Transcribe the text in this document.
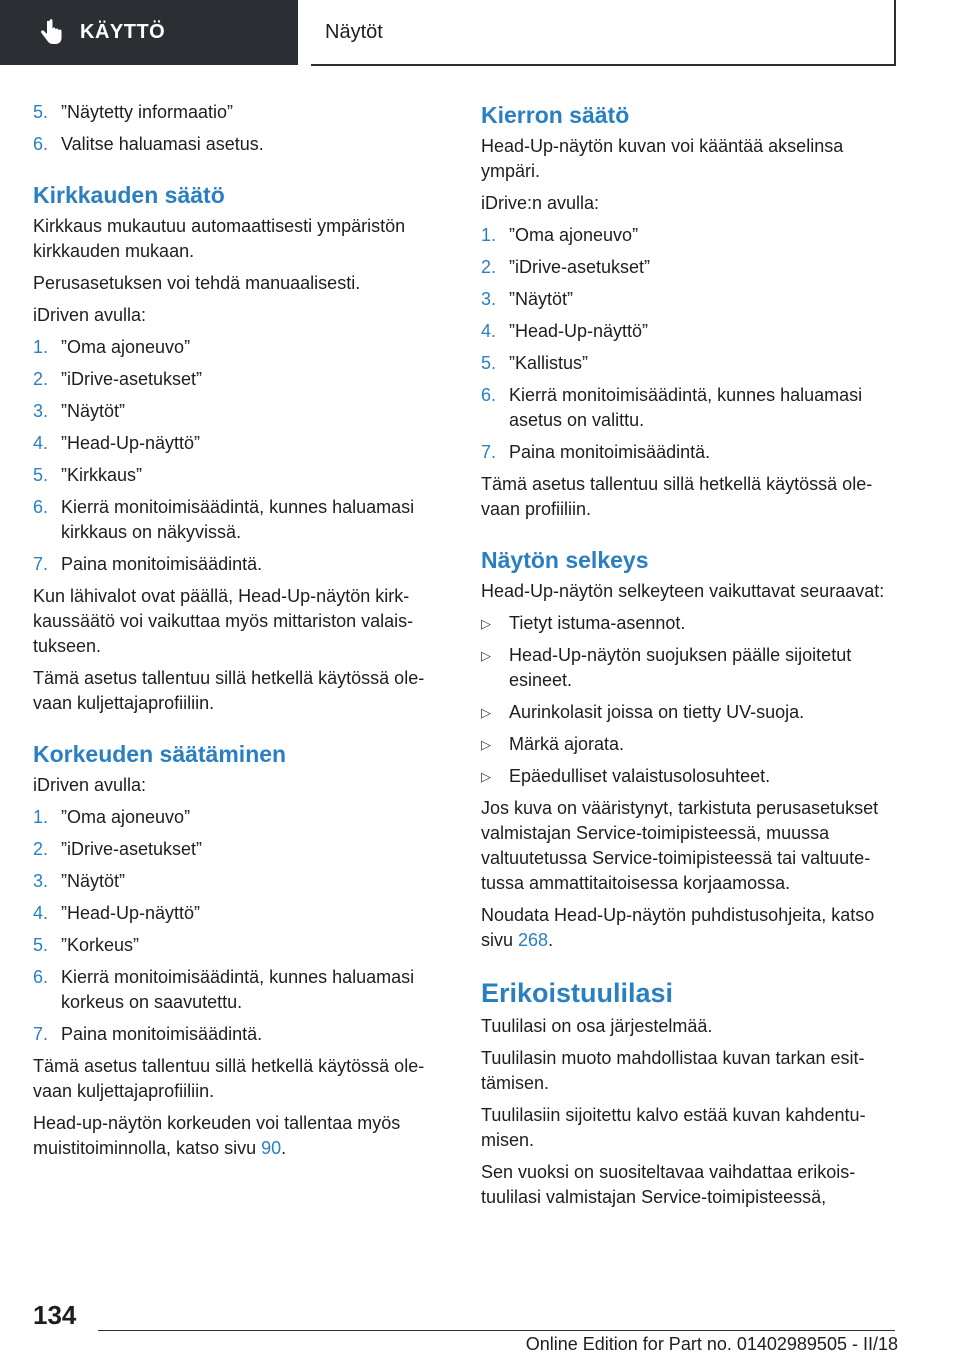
KÄYTTÖ	Näytöt
5. ”Näytetty informaatio”
6. Valitse haluamasi asetus.
Kirkkauden säätö

Kirkkaus mukautuu automaattisesti ympäristön kirkkauden mukaan.

Perusasetuksen voi tehdä manuaalisesti.

iDriven avulla:

1. ”Oma ajoneuvo”
2. ”iDrive-asetukset”
3. ”Näytöt”
4. ”Head-Up-näyttö”
5. ”Kirkkaus”
6. Kierrä monitoimisäädintä, kunnes haluamasi kirkkaus on näkyvissä.
7. Paina monitoimisäädintä.

Kun lähivalot ovat päällä, Head-Up-näytön kirkkaussäätö voi vaikuttaa myös mittariston valaistukseen.

Tämä asetus tallentuu sillä hetkellä käytössä olevaan kuljettajaprofiiliin.

Korkeuden säätäminen

iDriven avulla:

1. ”Oma ajoneuvo”
2. ”iDrive-asetukset”
3. ”Näytöt”
4. ”Head-Up-näyttö”
5. ”Korkeus”
6. Kierrä monitoimisäädintä, kunnes haluamasi korkeus on saavutettu.
7. Paina monitoimisäädintä.

Tämä asetus tallentuu sillä hetkellä käytössä olevaan kuljettajaprofiiliin.

Head-up-näytön korkeuden voi tallentaa myös muistitoiminnolla, katso sivu 90.

Kierron säätö

Head-Up-näytön kuvan voi kääntää akselinsa ympäri.

iDrive:n avulla:

1. ”Oma ajoneuvo”
2. ”iDrive-asetukset”
3. ”Näytöt”
4. ”Head-Up-näyttö”
5. ”Kallistus”
6. Kierrä monitoimisäädintä, kunnes haluamasi asetus on valittu.
7. Paina monitoimisäädintä.

Tämä asetus tallentuu sillä hetkellä käytössä olevaan profiiliin.

Näytön selkeys

Head-Up-näytön selkeyteen vaikuttavat seuraavat:

▷	Tietyt istuma-asennot.
▷	Head-Up-näytön suojuksen päälle sijoitetut esineet.
▷	Aurinkolasit joissa on tietty UV-suoja.
▷	Märkä ajorata.
▷	Epäedulliset valaistusolosuhteet.

Jos kuva on vääristynyt, tarkistuta perusasetukset valmistajan Service-toimipisteessä, muussa valtuutetussa Service-toimipisteessä tai valtuutetussa ammattitaitoisessa korjaamossa.

Noudata Head-Up-näytön puhdistusohjeita, katso sivu 268.

Erikoistuulilasi

Tuulilasi on osa järjestelmää.

Tuulilasin muoto mahdollistaa kuvan tarkan esittämisen.

Tuulilasiin sijoitettu kalvo estää kuvan kahdentumisen.

Sen vuoksi on suositeltavaa vaihdattaa erikoistuulilasi valmistajan Service-toimipisteessä,

134
Online Edition for Part no. 01402989505 - II/18
